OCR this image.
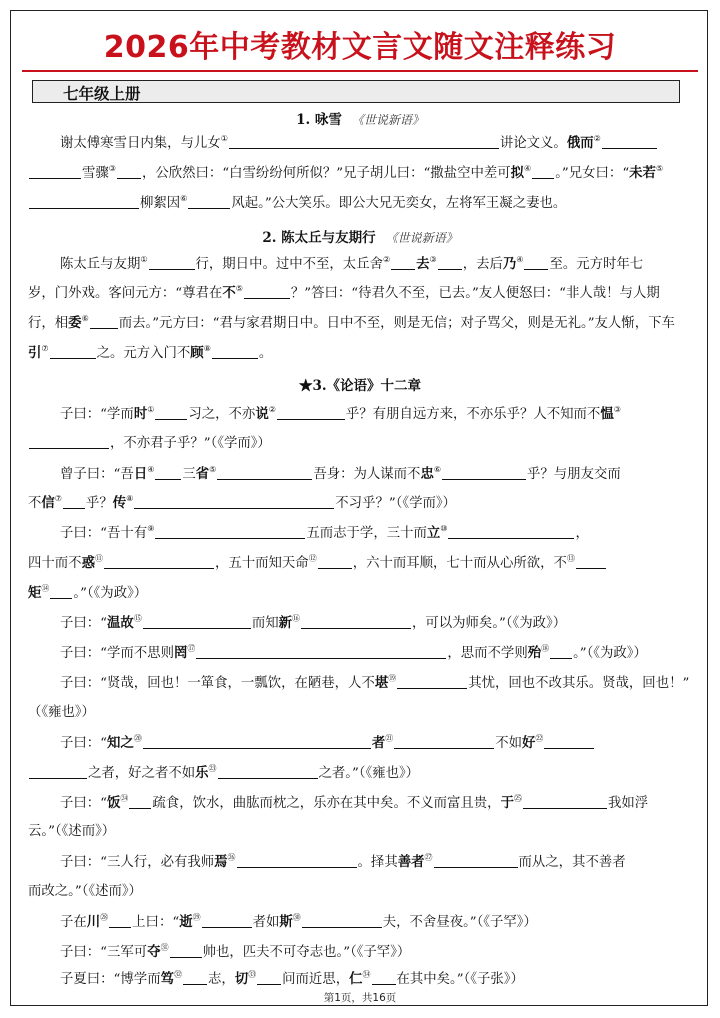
2026年中考教材文言文随文注释练习
七年级上册
1. 咏雪 《世说新语》
谢太傅寒雪日内集，与儿女①	讲论文义。俄而②
雪骤③ ，公欣然曰：“白雪纷纷何所似？”兄子胡儿曰：“撒盐空中差可拟④ 。”兄女曰：“未若⑤
柳絮因⑥	风起。”公大笑乐。即公大兄无奕女，左将军王凝之妻也。
2. 陈太丘与友期行 《世说新语》
陈太丘与友期①	行，期日中。过中不至，太丘舍② 去③ ，去后乃④ 至。元方时年七
岁，门外戏。客问元方：“尊君在不⑤	？”答曰：“待君久不至，已去。”友人便怒曰：“非人哉！与人期
行，相委⑥ 而去。”元方曰：“君与家君期日中。日中不至，则是无信；对子骂父，则是无礼。”友人惭，下车
引⑦	之。元方入门不顾⑧	。
★3.《论语》十二章
子曰：“学而时①	习之，不亦说②	乎？有朋自远方来，不亦乐乎？人不知而不愠③
，不亦君子乎？”（《学而》）
曾子曰：“吾日④ 三省⑤	吾身：为人谋而不忠⑥	乎？与朋友交而
不信⑦ 乎？传⑧	不习乎？”（《学而》）
子曰：“吾十有⑨	五而志于学，三十而立⑩	，
四十而不惑⑪	，五十而知天命⑫	，六十而耳顺，七十而从心所欲，不⑬
矩⑭ 。”（《为政》）
子曰：“温故⑮	而知新⑯	，可以为师矣。”（《为政》）
子曰：“学而不思则罔⑰	，思而不学则殆⑱ 。”（《为政》）
子曰：“贤哉，回也！一箪食，一瓢饮，在陋巷，人不堪⑲	其忧，回也不改其乐。贤哉，回也！”
（《雍也》）
子曰：“知之⑳	者$^㉑$	不如好$^㉒$
之者，好之者不如乐$^㉓$	之者。”（《雍也》）
子曰：“饭$^㉔$ 疏食，饮水，曲肱而枕之，乐亦在其中矣。不义而富且贵，于$^㉕$	我如浮
云。”（《述而》）
子曰：“三人行，必有我师焉$^㉖$	。择其善者$^㉗$	而从之，其不善者
而改之。”（《述而》）
子在川$^㉘$ 上曰：“逝$^㉙$	者如斯$^㉚$	夫，不舍昼夜。”（《子罕》）
子曰：“三军可夺$^㉛$	帅也，匹夫不可夺志也。”（《子罕》）
子夏曰：“博学而笃$^㉜$ 志，切$^㉝$ 问而近思，仁$^㉞$ 在其中矣。”（《子张》）
第1页，共16页
